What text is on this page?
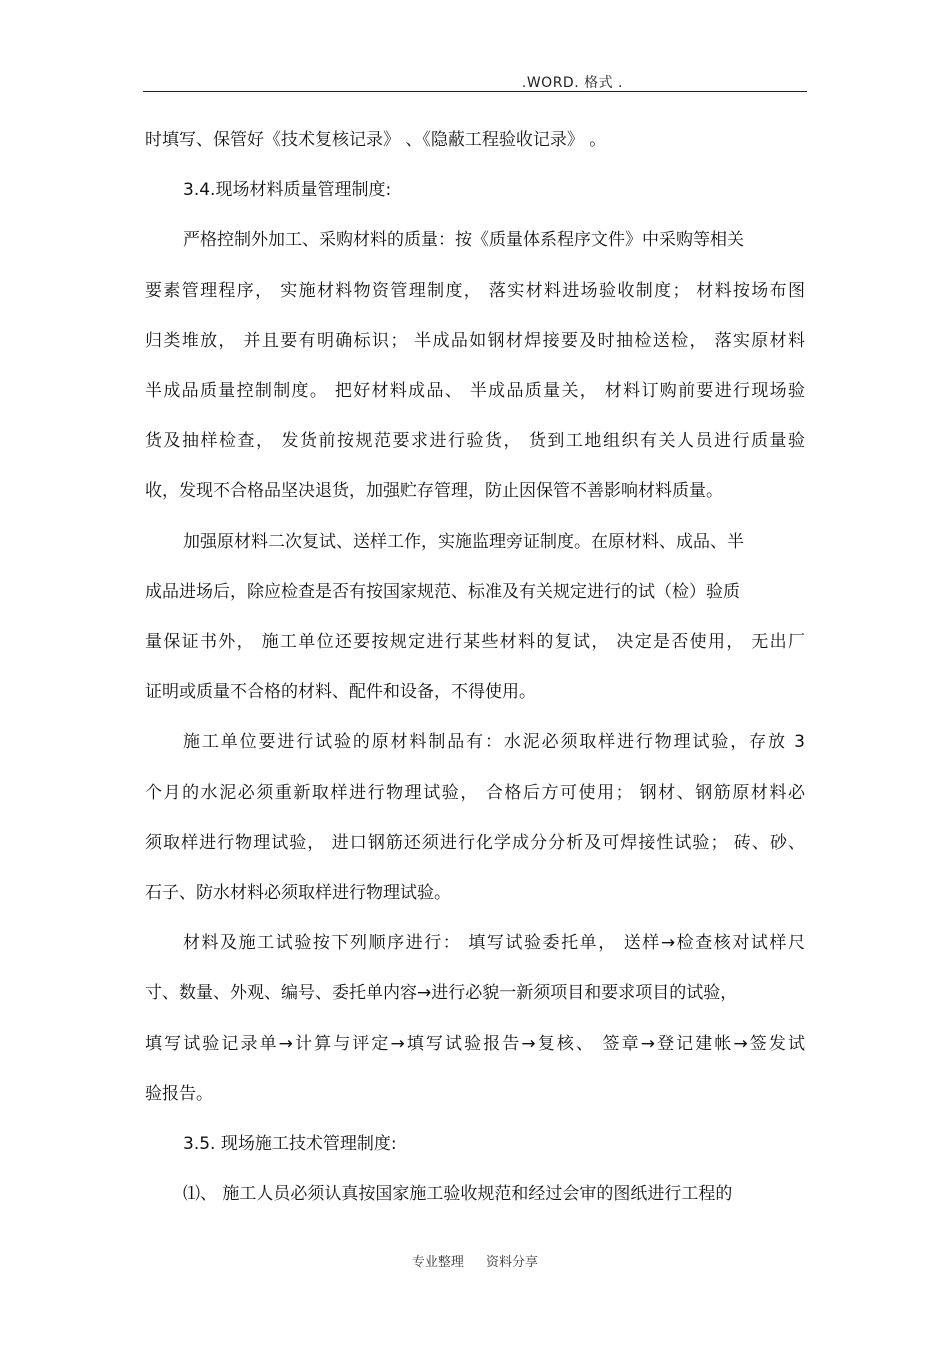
.WORD. 格式 .
时填写、保管好《技术复核记录》 、《隐蔽工程验收记录》 。
3.4.现场材料质量管理制度:
严格控制外加工、采购材料的质量：按《质量体系程序文件》中采购等相关
要素管理程序， 实施材料物资管理制度， 落实材料进场验收制度； 材料按场布图
归类堆放， 并且要有明确标识； 半成品如钢材焊接要及时抽检送检， 落实原材料
半成品质量控制制度。 把好材料成品、 半成品质量关， 材料订购前要进行现场验
货及抽样检查， 发货前按规范要求进行验货， 货到工地组织有关人员进行质量验
收，发现不合格品坚决退货，加强贮存管理，防止因保管不善影响材料质量。
加强原材料二次复试、送样工作，实施监理旁证制度。在原材料、成品、半
成品进场后，除应检查是否有按国家规范、标准及有关规定进行的试（检）验质
量保证书外， 施工单位还要按规定进行某些材料的复试， 决定是否使用， 无出厂
证明或质量不合格的材料、配件和设备，不得使用。
施工单位要进行试验的原材料制品有：水泥必须取样进行物理试验，存放 3
个月的水泥必须重新取样进行物理试验， 合格后方可使用； 钢材、钢筋原材料必
须取样进行物理试验， 进口钢筋还须进行化学成分分析及可焊接性试验； 砖、砂、
石子、防水材料必须取样进行物理试验。
材料及施工试验按下列顺序进行： 填写试验委托单， 送样→检查核对试样尺
寸、数量、外观、编号、委托单内容→进行必貌一新须项目和要求项目的试验，
填写试验记录单→计算与评定→填写试验报告→复核、 签章→登记建帐→签发试
验报告。
3.5. 现场施工技术管理制度:
⑴、 施工人员必须认真按国家施工验收规范和经过会审的图纸进行工程的
专业整理 资料分享
